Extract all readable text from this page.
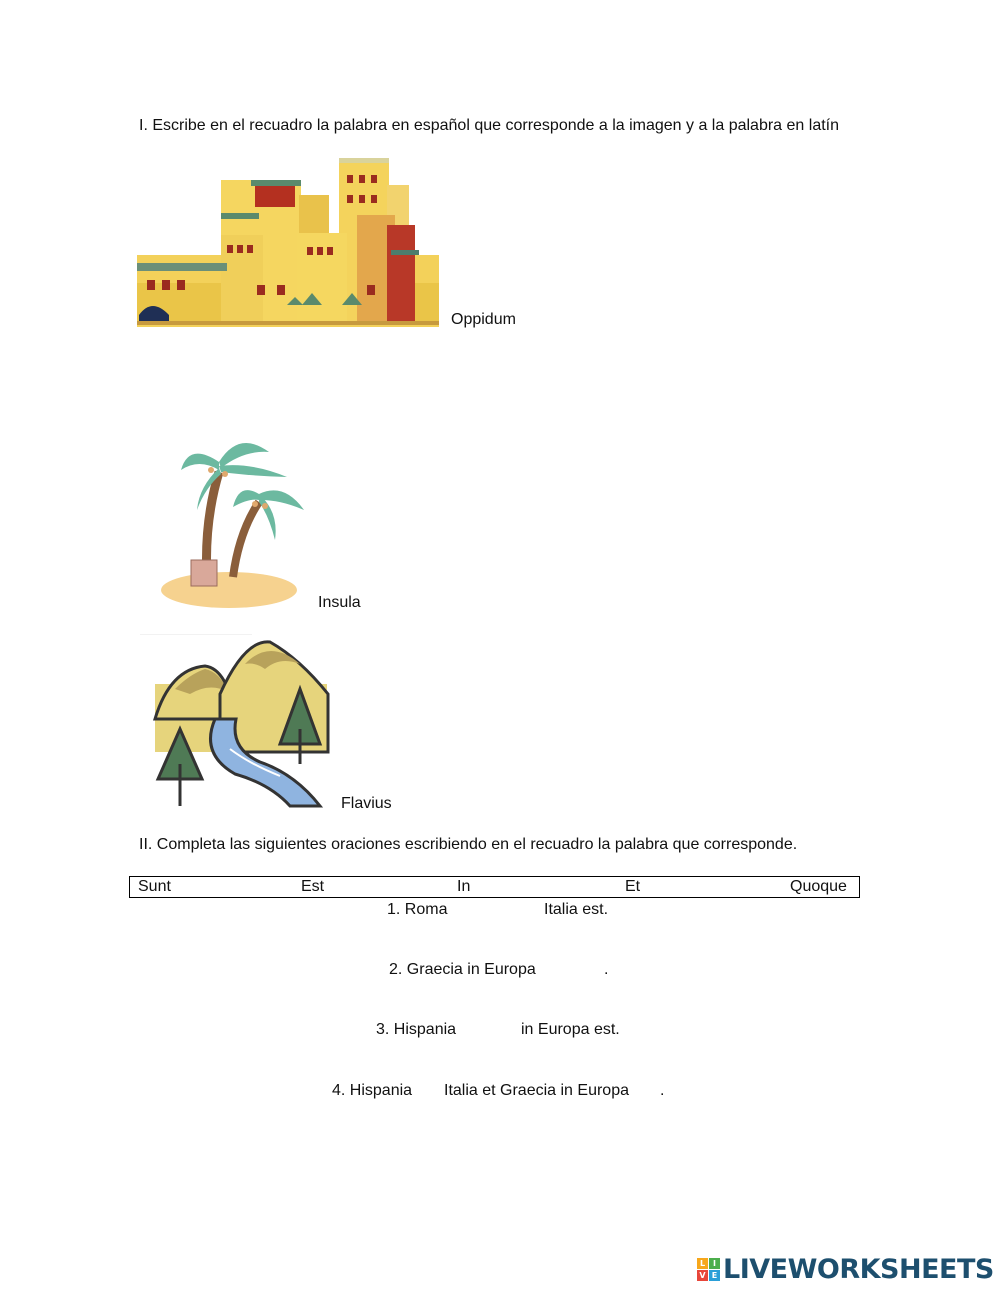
I. Escribe en el recuadro la palabra en español que corresponde a la imagen y a la palabra en latín
Oppidum
Insula
Flavius
II. Completa las siguientes oraciones escribiendo en el recuadro la palabra que corresponde.
Sunt	Est	In	Et	Quoque
1. Roma	Italia est.
2. Graecia in Europa	.
3. Hispania	in Europa est.
4. Hispania Italia et Graecia in Europa .
L I
V E LIVEWORKSHEETS
